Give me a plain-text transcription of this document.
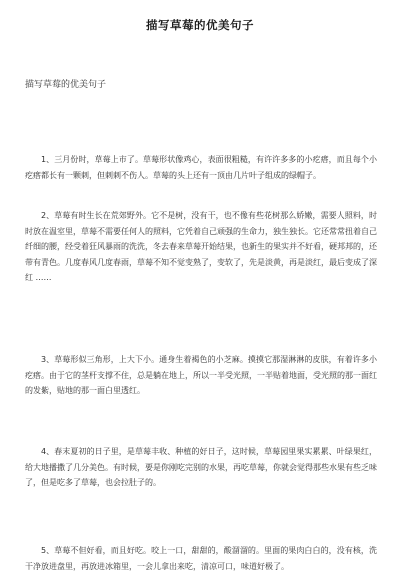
描写草莓的优美句子
描写草莓的优美句子

1、三月份时，草莓上市了。草莓形状像鸡心，表面很粗糙，有许许多多的小疙瘩，而且每个小疙瘩都长有一颗刺，但刺刺不伤人。草莓的头上还有一顶由几片叶子组成的绿帽子。

2、草莓有时生长在荒郊野外。它不是树，没有干，也不像有些花树那么娇嫩，需要人照料，时时放在温室里，草莓不需要任何人的照料，它凭着自己顽强的生命力，独生独长。它还常常扭着自己纤细的腰，经受着狂风暴雨的洗洗，冬去春来草莓开始结果，也新生的果实并不好看，硬邦邦的，还带有青色。几度春风几度春雨，草莓不知不觉变熟了，变软了，先是淡黄，再是淡红，最后变成了深红 ……

3、草莓形似三角形，上大下小。通身生着褐色的小芝麻。摸摸它那湿淋淋的皮肤，有着许多小疙瘩。由于它的茎杆支撑不住，总是躺在地上，所以一半受光照，一半贴着地面，受光照的那一面红的发紫，贴地的那一面白里透红。

4、春末夏初的日子里，是草莓丰收、种植的好日子，这时候，草莓园里果实累累、叶绿果红，给大地播撒了几分美色。有时候，要是你刚吃完别的水果，再吃草莓，你就会觉得那些水果有些乏味了，但是吃多了草莓，也会拉肚子的。

5、草莓不但好看，而且好吃。咬上一口，甜甜的，酸溜溜的。里面的果肉白白的，没有核，洗干净放进盘里，再放进冰箱里，一会儿拿出来吃，清凉可口，味道好极了。
